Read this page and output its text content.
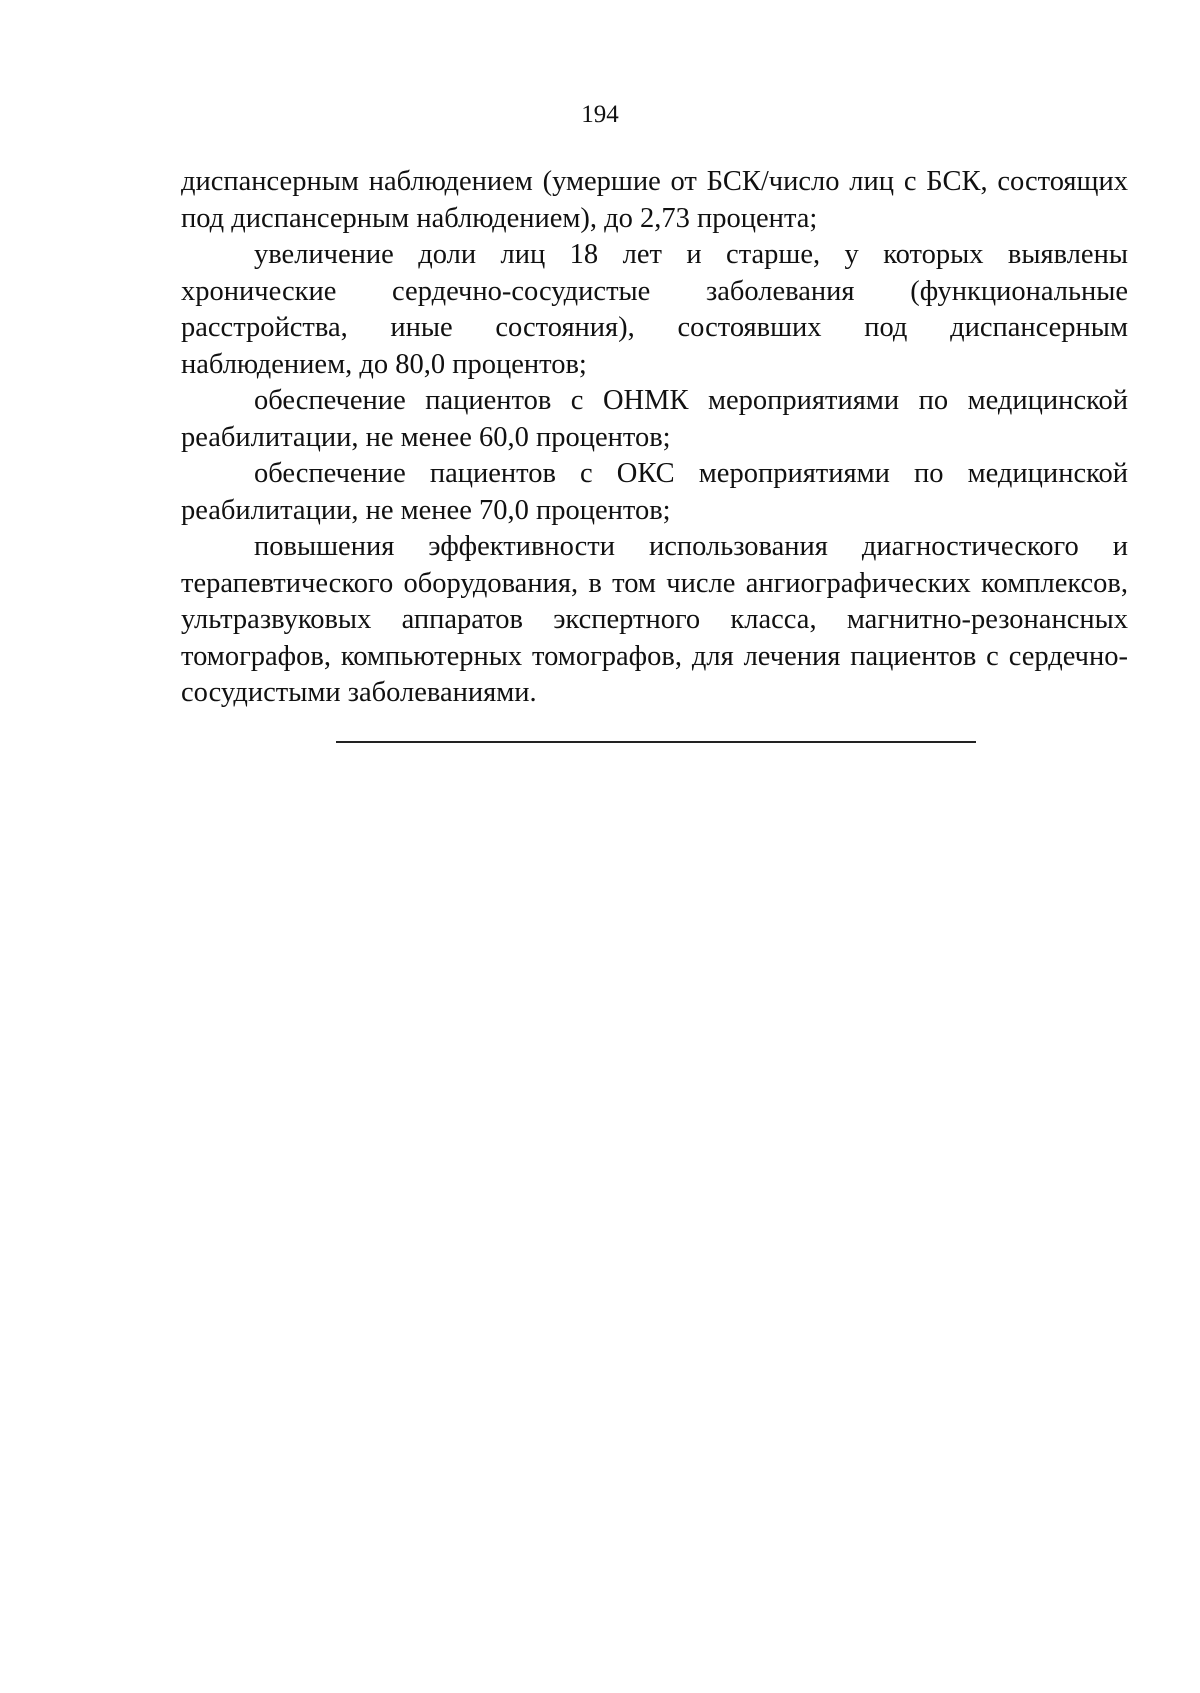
194

диспансерным наблюдением (умершие от БСК/число лиц с БСК, состоящих под диспансерным наблюдением), до 2,73 процента;

увеличение доли лиц 18 лет и старше, у которых выявлены хронические сердечно-сосудистые заболевания (функциональные расстройства, иные состояния), состоявших под диспансерным наблюдением, до 80,0 процентов;

обеспечение пациентов с ОНМК мероприятиями по медицинской реабилитации, не менее 60,0 процентов;

обеспечение пациентов с ОКС мероприятиями по медицинской реабилитации, не менее 70,0 процентов;

повышения эффективности использования диагностического и терапевтического оборудования, в том числе ангиографических комплексов, ультразвуковых аппаратов экспертного класса, магнитно-резонансных томографов, компьютерных томографов, для лечения пациентов с сердечно-сосудистыми заболеваниями.
